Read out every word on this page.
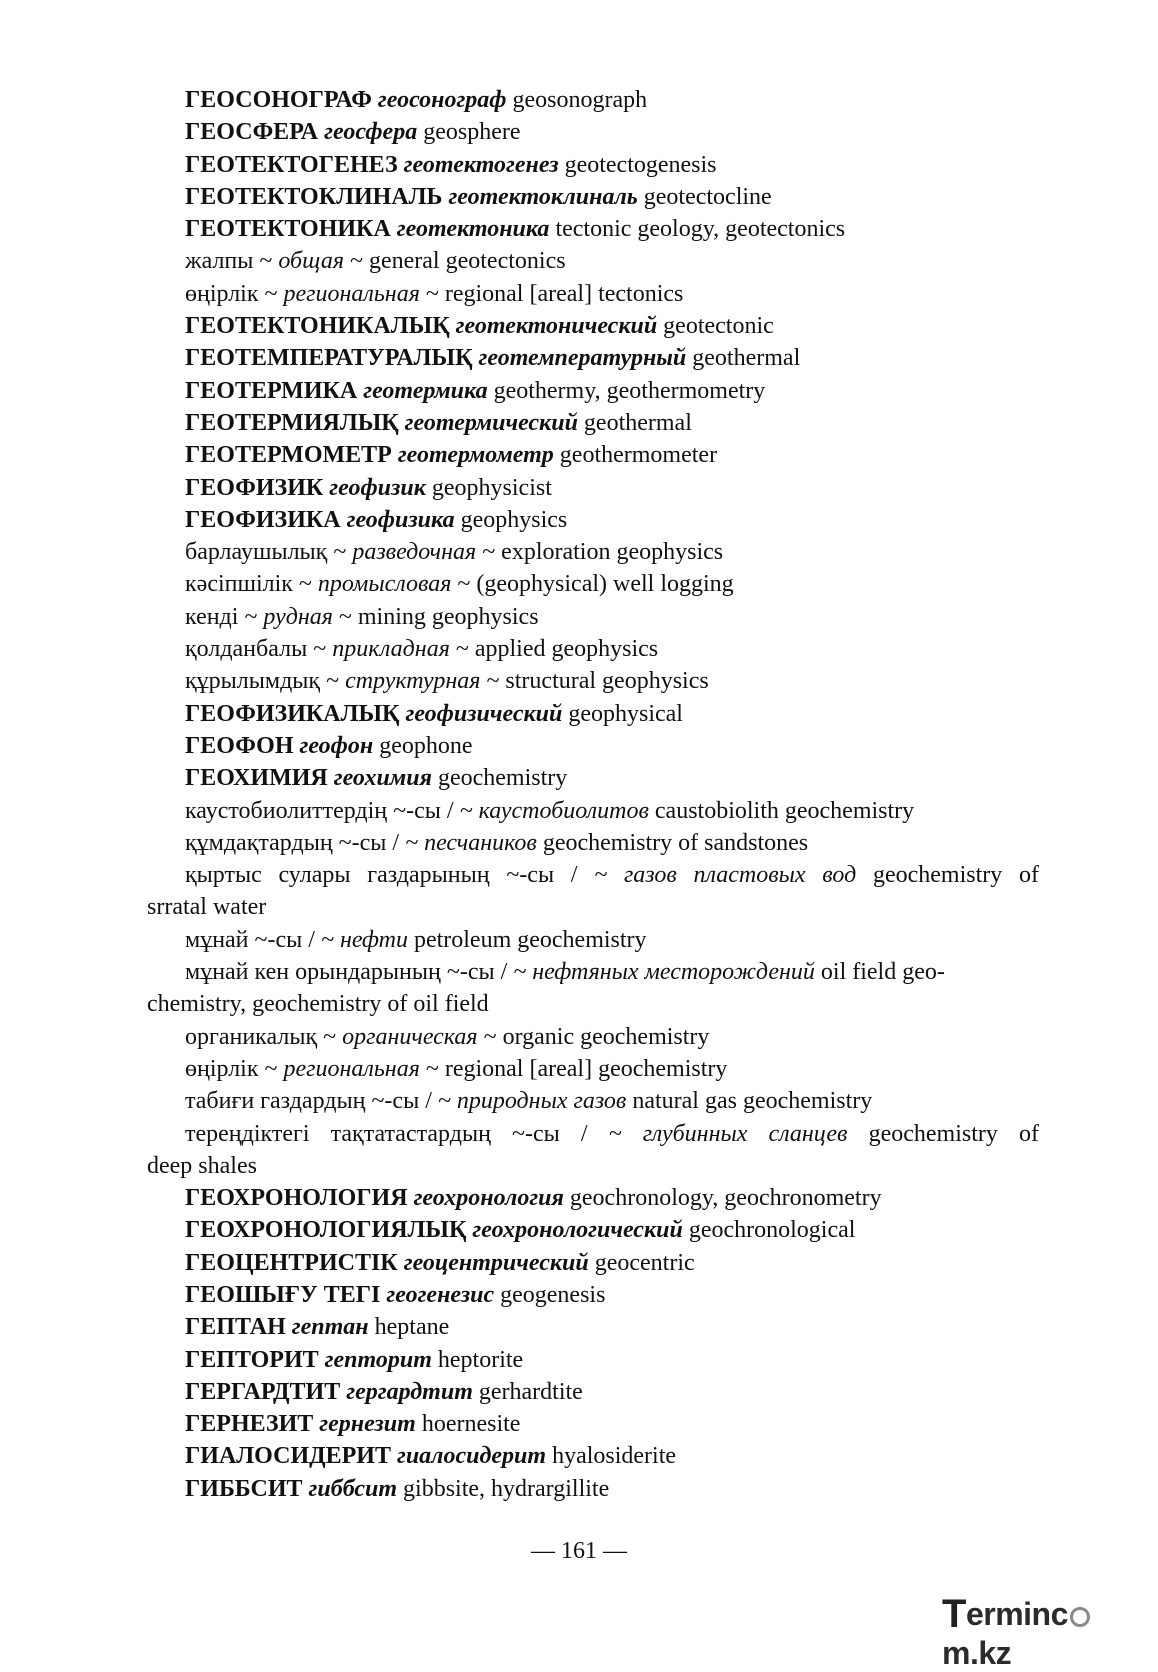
ГЕОСОНОГРАФ геосонограф geosonograph
ГЕОСФЕРА геосфера geosphere
ГЕОТЕКТОГЕНЕЗ геотектогенез geotectogenesis
ГЕОТЕКТОКЛИНАЛЬ геотектоклиналь geotectocline
ГЕОТЕКТОНИКА геотектоника tectonic geology, geotectonics
жалпы ~ общая ~ general geotectonics
өңірлік ~ региональная ~ regional [areal] tectonics
ГЕОТЕКТОНИКАЛЫҚ геотектонический geotectonic
ГЕОТЕМПЕРАТУРАЛЫҚ геотемпературный geothermal
ГЕОТЕРМИКА геотермика geothermy, geothermometry
ГЕОТЕРМИЯЛЫҚ геотермический geothermal
ГЕОТЕРМОМЕТР геотермометр geothermometer
ГЕОФИЗИК геофизик geophysicist
ГЕОФИЗИКА геофизика geophysics
барлаушылық ~ разведочная ~ exploration geophysics
кәсіпшілік ~ промысловая ~ (geophysical) well logging
кенді ~ рудная ~ mining geophysics
қолданбалы ~ прикладная ~ applied geophysics
құрылымдық ~ структурная ~ structural geophysics
ГЕОФИЗИКАЛЫҚ геофизический geophysical
ГЕОФОН геофон geophone
ГЕОХИМИЯ геохимия geochemistry
каустобиолиттердің ~-сы / ~ каустобиолитов caustobiolith geochemistry
құмдақтардың ~-сы / ~ песчаников geochemistry of sandstones
қыртыс сулары газдарының ~-сы / ~ газов пластовых вод geochemistry of
srratal water
мұнай ~-сы / ~ нефти petroleum geochemistry
мұнай кен орындарының ~-сы / ~ нефтяных месторождений oil field geo-
chemistry, geochemistry of oil field
органикалық ~ органическая ~ organic geochemistry
өңірлік ~ региональная ~ regional [areal] geochemistry
табиғи газдардың ~-сы / ~ природных газов natural gas geochemistry
тереңдіктегі тақтатастардың ~-сы / ~ глубинных сланцев geochemistry of
deep shales
ГЕОХРОНОЛОГИЯ геохронология geochronology, geochronometry
ГЕОХРОНОЛОГИЯЛЫҚ геохронологический geochronological
ГЕОЦЕНТРИСТІК геоцентрический geocentric
ГЕОШЫҒУ ТЕГІ геогенезис geogenesis
ГЕПТАН гептан heptane
ГЕПТОРИТ гепторит heptorite
ГЕРГАРДТИТ гергардтит gerhardtite
ГЕРНЕЗИТ гернезит hoernesite
ГИАЛОСИДЕРИТ гиалосидерит hyalosiderite
ГИББСИТ гиббсит gibbsite, hydrargillite
— 161 —
Termincm.kz
